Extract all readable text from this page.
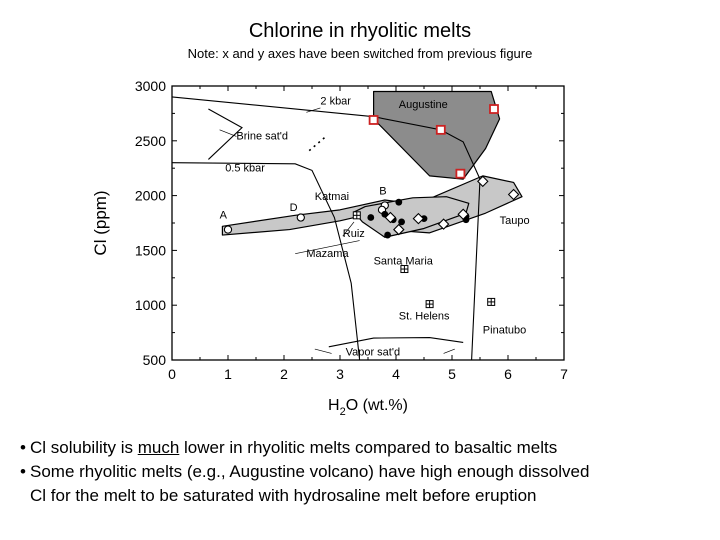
Chlorine in rhyolitic melts
Note: x and y axes have been switched from previous figure
0	1	2	3	4	5	6	7
500
1000
1500
2000
2500
3000
$H_2O$ (wt.%)
Cl (ppm)
2 kbar	Augustine
Brine sat'd
0.5 kbar
Katmai	B
D
A	Taupo
Ruiz
Mazama
Santa Maria
St. Helens
Pinatubo
Vapor sat'd
• Cl solubility is much lower in rhyolitic melts compared to basaltic melts
• Some rhyolitic melts (e.g., Augustine volcano) have high enough dissolved
Cl for the melt to be saturated with hydrosaline melt before eruption
